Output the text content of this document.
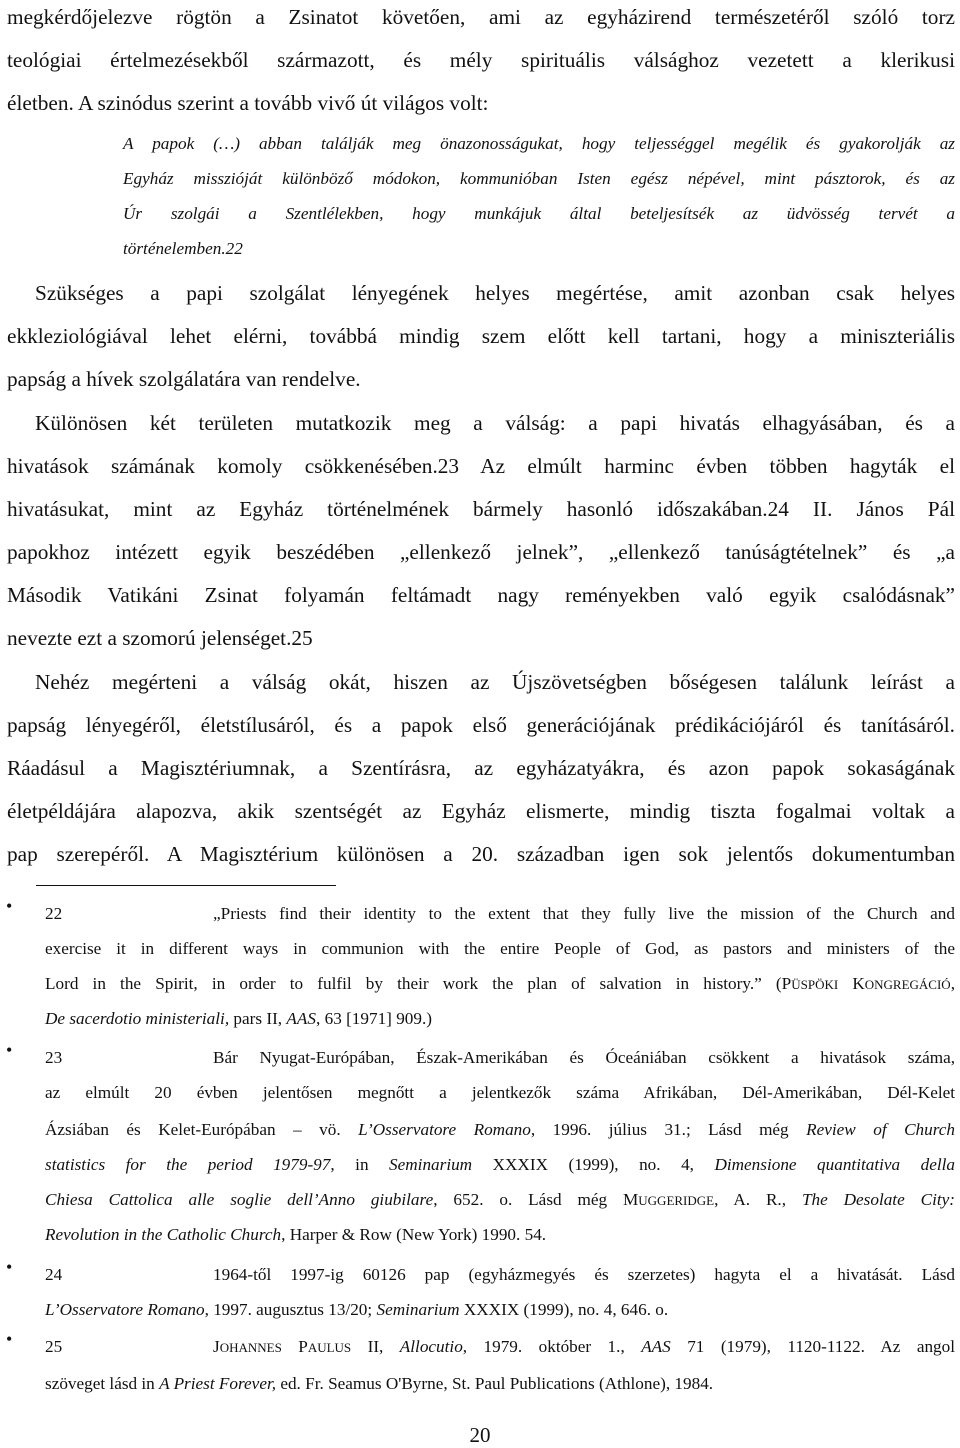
megkérdőjelezve rögtön a Zsinatot követően, ami az egyházirend természetéről szóló torz
teológiai értelmezésekből származott, és mély spirituális válsághoz vezetett a klerikusi
életben. A szinódus szerint a tovább vivő út világos volt:
A papok (…) abban találják meg önazonosságukat, hogy teljességgel megélik és gyakorolják az
Egyház misszióját különböző módokon, kommunióban Isten egész népével, mint pásztorok, és az
Úr szolgái a Szentlélekben, hogy munkájuk által beteljesítsék az üdvösség tervét a
történelemben.22
Szükséges a papi szolgálat lényegének helyes megértése, amit azonban csak helyes
ekkleziológiával lehet elérni, továbbá mindig szem előtt kell tartani, hogy a miniszteriális
papság a hívek szolgálatára van rendelve.
Különösen két területen mutatkozik meg a válság: a papi hivatás elhagyásában, és a
hivatások számának komoly csökkenésében.23 Az elmúlt harminc évben többen hagyták el
hivatásukat, mint az Egyház történelmének bármely hasonló időszakában.24 II. János Pál
papokhoz intézett egyik beszédében „ellenkező jelnek”, „ellenkező tanúságtételnek” és „a
Második Vatikáni Zsinat folyamán feltámadt nagy reményekben való egyik csalódásnak”
nevezte ezt a szomorú jelenséget.25
Nehéz megérteni a válság okát, hiszen az Újszövetségben bőségesen találunk leírást a
papság lényegéről, életstílusáról, és a papok első generációjának prédikációjáról és tanításáról.
Ráadásul a Magisztériumnak, a Szentírásra, az egyházatyákra, és azon papok sokaságának
életpéldájára alapozva, akik szentségét az Egyház elismerte, mindig tiszta fogalmai voltak a
pap szerepéről. A Magisztérium különösen a 20. században igen sok jelentős dokumentumban
• 22	„Priests find their identity to the extent that they fully live the mission of the Church and
exercise it in different ways in communion with the entire People of God, as pastors and ministers of the
Lord in the Spirit, in order to fulfil by their work the plan of salvation in history.” (PÜSPÖKI KONGREGÁCIÓ,
De sacerdotio ministeriali, pars II, AAS, 63 [1971] 909.)
• 23	Bár Nyugat-Európában, Észak-Amerikában és Óceániában csökkent a hivatások száma,
az elmúlt 20 évben jelentősen megnőtt a jelentkezők száma Afrikában, Dél-Amerikában, Dél-Kelet
Ázsiában és Kelet-Európában – vö. L’Osservatore Romano, 1996. július 31.; Lásd még Review of Church
statistics for the period 1979-97, in Seminarium XXXIX (1999), no. 4, Dimensione quantitativa della
Chiesa Cattolica alle soglie dell’Anno giubilare, 652. o. Lásd még MUGGERIDGE, A. R., The Desolate City:
Revolution in the Catholic Church, Harper & Row (New York) 1990. 54.
• 24	1964-től 1997-ig 60126 pap (egyházmegyés és szerzetes) hagyta el a hivatását. Lásd
L’Osservatore Romano, 1997. augusztus 13/20; Seminarium XXXIX (1999), no. 4, 646. o.
• 25	JOHANNES PAULUS II, Allocutio, 1979. október 1., AAS 71 (1979), 1120-1122. Az angol
szöveget lásd in A Priest Forever, ed. Fr. Seamus O'Byrne, St. Paul Publications (Athlone), 1984.
20
